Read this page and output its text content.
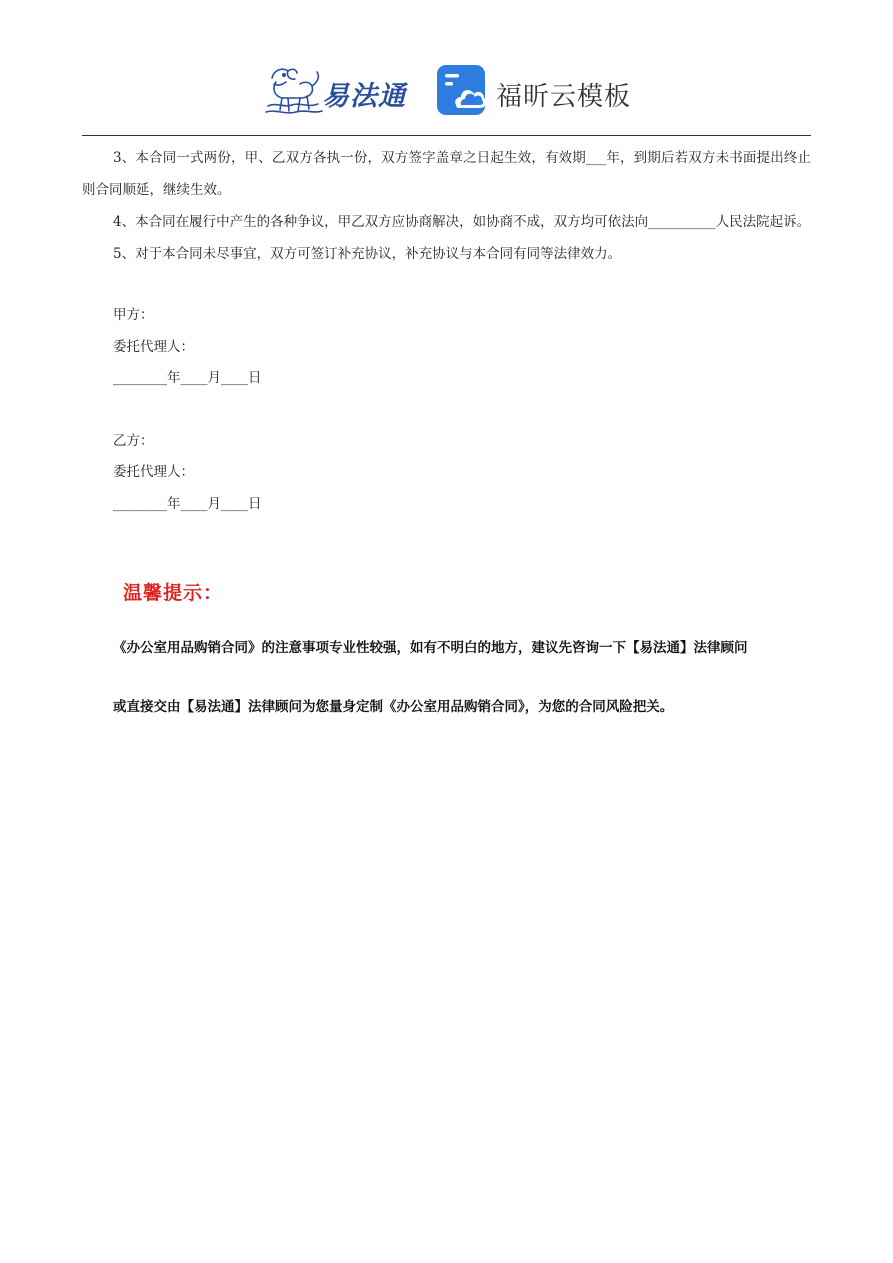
易法通	福昕云模板

3、本合同一式两份，甲、乙双方各执一份，双方签字盖章之日起生效，有效期___年，到期后若双方未书面提出终止则合同顺延，继续生效。

4、本合同在履行中产生的各种争议，甲乙双方应协商解决，如协商不成，双方均可依法向__________人民法院起诉。

5、对于本合同未尽事宜，双方可签订补充协议，补充协议与本合同有同等法律效力。

甲方：

委托代理人：

________年____月____日

乙方：

委托代理人：

________年____月____日

温馨提示：

《办公室用品购销合同》的注意事项专业性较强，如有不明白的地方，建议先咨询一下【易法通】法律顾问

或直接交由【易法通】法律顾问为您量身定制《办公室用品购销合同》，为您的合同风险把关。
